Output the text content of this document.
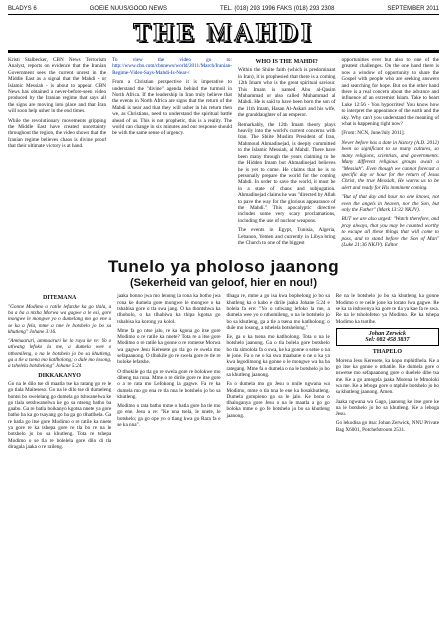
BLADYS 6	GOEIE NUUS/GOOD NEWS	TEL. (018) 293 1996 FAKS (018) 293 2308	SEPTEMBER 2011
THE MAHDI

Kristi Stalbecker, CBN News Terrorism Analyst, reports on evidence that the Iranian Government sees the current unrest in the Middle East as a signal that the Mahdi - or Islamic Messiah - is about to appear. CBN News has obtained a never-before-seen video produced by the Iranian regime that says all the signs are moving into place and that Iran will soon help usher in the end times.

While the revolutionary movements gripping the Middle East have created uncertainty throughout the region, the video shows that the Iranian regime believes chaos is divine proof that their ultimate victory is at hand.

To view the video go to: http://www.cbn.com/cbnnews/world/2011/March/Iranian-Regime-Video-Says-Mahdi-Is-Near-/

From a Christian perspective it is imperative to understand the "divine" agenda behind the turmoil in North Africa. If the leadership in Iran truly believe that the events in North Africa are signs that the return of the Mahdi is near and that they will usher in his return then we, as Christians, need to understand the spiritual battle ahead of us. This is not prophetic, this is a reality. The world can change in six minutes and our response should be with the same sense of urgency.

WHO IS THE MAHDI?

Within the Shiite faith (which is predominant in Iran), it is prophesied that there is a coming 12th Imam who is the great spiritual saviour. This Imam is named Abu al-Qasim Muhammad or also called Muhammad al Mahdi. He is said to have been born the son of the 11th Imam, Hasan Al-Askari and his wife, the granddaughter of an emperor.

Remarkably, the 12th Imam theory plays heavily into the world's current concerns with Iran. The Shiite Muslim President of Iran, Mahmoud Ahmadinejad, is deeply committed to the Islamic Messiah, al Mahdi. There have been many through the years claiming to be the Hidden Imam but Ahmadinejad believes he is yet to come. He claims that he is to personally prepare the world for the coming Mahdi. In order to save the world, it must be in a state of chaos and subjugation. Ahmadinejad claims he was "directed by Allah to pave the way for the glorious appearance of the Mahdi." This apocalyptic directive includes some very scary proclamations, including the use of nuclear weapons.

The events in Egypt, Tunisia, Algeria, Lebanon, Yemen and currently in Libya bring the Church to one of the biggest

opportunities ever but also to one of the greatest challenges. On the one hand there is now a window of opportunity to share the Gospel with people who are seeking answers and searching for hope. But on the other hand there is a real concern about the advance and influence of an extremist Islam. Take to heart Luke 12:56 - You hypocrites! You know how to interpret the appearance of the earth and the sky. Why can't you understand the meaning of what is happening right now?

[From: NCN, June/July 2011].

Never before has a date in history (A.D. 2012) been so significant to so many cultures, so many religions, scientists, and governments. Many different religious groups await a "Messiah". Even though we cannot forecast a specific day or hour for the return of Jesus Christ, the true Messiah, He warns us to be alert and ready for His imminent coming.

"But of that day and hour no one knows, not even the angels in heaven, nor the Son, but only the Father" (Mark 13:32 NKJV).

BUT we are also urged: "Watch therefore, and pray always, that you may be counted worthy to escape all these things that will come to pass, and to stand before the Son of Man" (Luke 21:36 NKJV). Editor

Tunelo ya pholoso jaanong
(Sekerheid van geloof, hier en nou!)
DITEMANA

"Gonne Modimo o ratile lefatshe ka go tlala, a ba a ba a ntsha Morwa wa gagwe a le esi, gore mongwe le mongwe yo o dumelang mo go ene a se ka a fela, mme a nne le botshelo jo bo sa khutleng" Johane 3:16.

"Ammaaruri, ammaaruri ke lo raya ke re: Yo o utlwang lefoko la me, a dumela wee o nthomileng, o na le botshelo jo bo sa khutleng, ga a tle a tsena mo katlholong; o dule mo losong, a tshelela botshelong" Johane 5:24.

DIKKAKANYO

Go na le dilo tse di maatla tse ka ratang go re le go tlala Maiteseso. Go na le dilo tse di dumeleng bontsi bo swelelang go dumela go tshwanelwa ke go tlala setshwanelwa ke go sa ntseng batho ba gaabo. Ga re batla boikanyo kgotsa nnete ya gore batho ba ka go tsayang go ba ga go tlhatlhela. Ga re batla go itse gore Modimo o re ratile ka nnete ya gore re ka tshepa gore re tla bo re na le botshelo jo bo sa khutleng. Tota re tshepa Modimo o se tla re bolelela gore dilo di tla diragala jaaka o re raileng.

jaaka bonno jwa mo lenong la rona ka botho jwa rona ke dumela gore mongwe le mongwe o ka tshabisa gore o tla swa jang. O ka thontshwa ka tlhobolo, o ka tlhabiwa ka thipa kgotsa go tshabisa ka korong ya kolol.

Mme fa go ntse jalo, re ka kgona go itse gore Modimo o re ratile ka nnete? Tota re a itse gore Modimo o re ratile ka gonne o re rometse Morwa wa gagwe Jesu Keresete go tla go re swela mo sefapaanong. O tlhokile go re swela gore re tle re boloke lefatshe.

O tlhokile go tla go re swela gore re bolokwe mo dibeng tsa rona. Mme o re dirile gore re itse gore o a re rata mo Lefokong la gagwe. Fa re ka dumela mo go ena re tla nna le botshelo jo bo sa khutleng.

Modimo o rata batho mme o batla gore ba tle mo go ene. Jesu a re: "Ke nna tsela, le nnete, le botshelo; ga go ope yo o tlang kwa go Rara fa e se ka nna".

tlhaga re, mme a go isa kwa bophelong jo bo sa khutleng ka o kabo e dirile jaaka Johane 5:24 e bolela fa ere: "Yo o utlwang lefoko la me, a dumela wee yo o nthomileng, o na le botshelo jo bo sa khutleng, ga a tle a tsena mo katlholong; o dule mo losong, a tshelela botshelong."

Ee, ga o ka tsena mo katlholong. Tota o na le botshelo jaanong. Ga o tla bolela gore botshelo bo tla simolola fa o swa, ke ka gonne o setse o na le jone. Fa o ne o ka swa maabane o ne o ka ya kwa legodimong ka gonne o le mongwe wa ba ba rategang. Mme fa o dumela o na le botshelo jo bo sa khutleng jaanong.

Fa o dumela mo go Jesu o nnile ngwana wa Modimo, mme o tla nna le ene ka bosakhutleng. Dumela gompieno go sa le jalo. Ke bona o tlhaloganya gore Jesu o na le maatla a go go boloka mme o go fe botshelo jo bo sa khutleng jaanong.

Re na le botshelo jo bo sa khutleng ka gonne Modimo o re neile jone ka lorato lwa gagwe. Re se ka ra itshwenya ka gore re tla ya kae fa re swa. Re na le tsholofetso ya Modimo. Re ka tshepa Modimo ka tsotlhe.

Johan Zerwick
Sel: 082 458 3837
THAPELO

Morena Jesu Keresete, ka kopo mphitlhela. Ke a go itse ka gonne o nthatile. Ke dumela gore o nswetse mo sefapaanong gore o duelele dibe tsa me. Ke a go amogela jaaka Morena le Mmoloki wa me. Ke a leboga gore o mphile botshelo jo bo sa khutleng jaanong. Amen.

Jaaka ngwana wa Gago, jaanong ke itse gore ke na le botshelo jo bo sa khutleng. Ke a leboga Jesu.

Go lekodisa go itsa: Johan Zerwick, NNU Private Bag X6001, Potchefstroom 2531.
